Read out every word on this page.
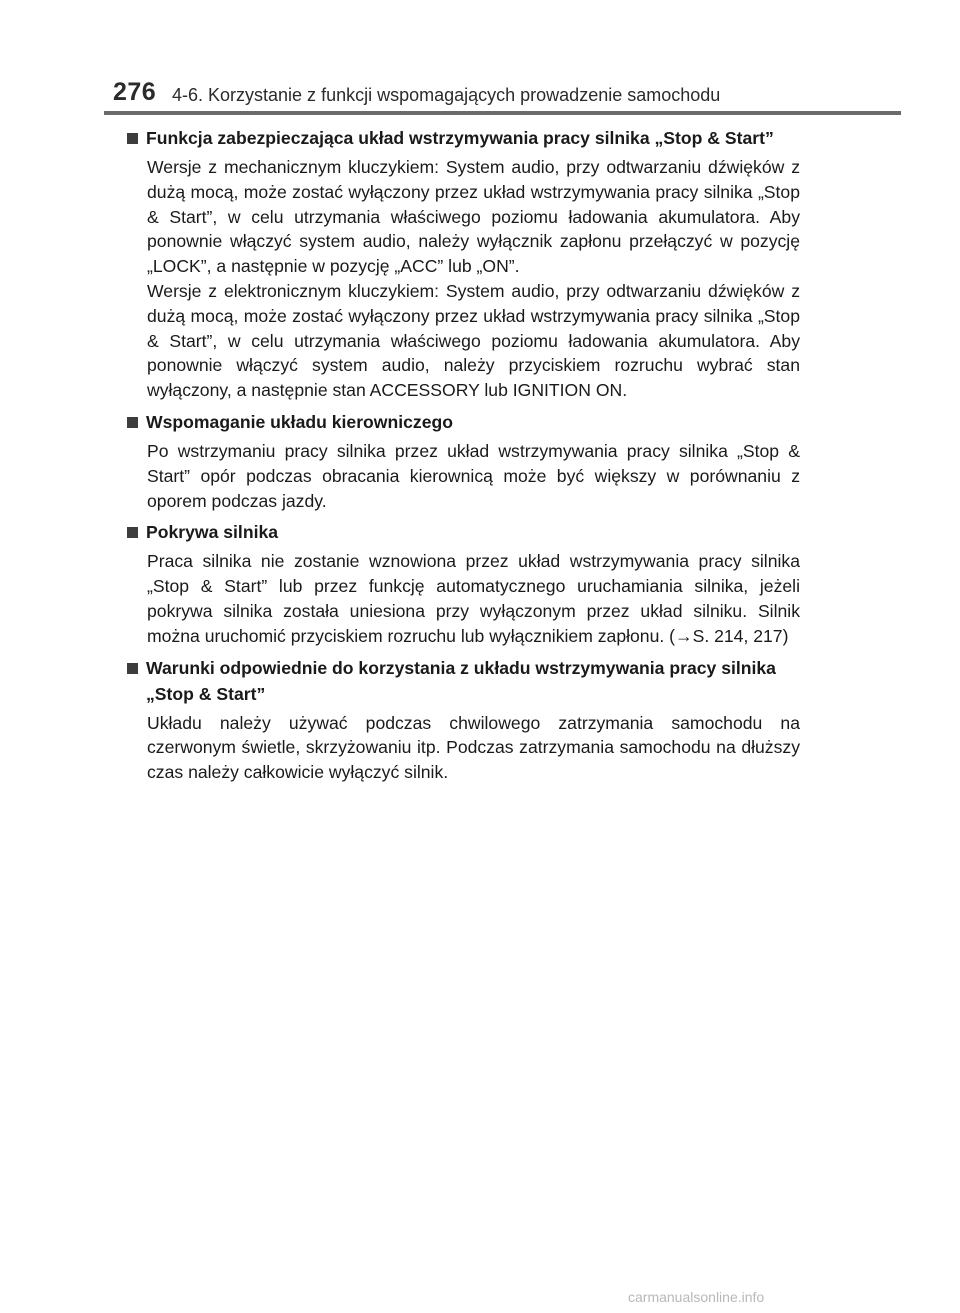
276 4-6. Korzystanie z funkcji wspomagających prowadzenie samochodu
Funkcja zabezpieczająca układ wstrzymywania pracy silnika „Stop & Start”

Wersje z mechanicznym kluczykiem: System audio, przy odtwarzaniu dźwięków z dużą mocą, może zostać wyłączony przez układ wstrzymywania pracy silnika „Stop & Start”, w celu utrzymania właściwego poziomu ładowania akumulatora. Aby ponownie włączyć system audio, należy wyłącznik zapłonu przełączyć w pozycję „LOCK”, a następnie w pozycję „ACC” lub „ON”.

Wersje z elektronicznym kluczykiem: System audio, przy odtwarzaniu dźwięków z dużą mocą, może zostać wyłączony przez układ wstrzymywania pracy silnika „Stop & Start”, w celu utrzymania właściwego poziomu ładowania akumulatora. Aby ponownie włączyć system audio, należy przyciskiem rozruchu wybrać stan wyłączony, a następnie stan ACCESSORY lub IGNITION ON.

Wspomaganie układu kierowniczego

Po wstrzymaniu pracy silnika przez układ wstrzymywania pracy silnika „Stop & Start” opór podczas obracania kierownicą może być większy w porównaniu z oporem podczas jazdy.

Pokrywa silnika

Praca silnika nie zostanie wznowiona przez układ wstrzymywania pracy silnika „Stop & Start” lub przez funkcję automatycznego uruchamiania silnika, jeżeli pokrywa silnika została uniesiona przy wyłączonym przez układ silniku. Silnik można uruchomić przyciskiem rozruchu lub wyłącznikiem zapłonu. (→S. 214, 217)

Warunki odpowiednie do korzystania z układu wstrzymywania pracy silnika „Stop & Start”

Układu należy używać podczas chwilowego zatrzymania samochodu na czerwonym świetle, skrzyżowaniu itp. Podczas zatrzymania samochodu na dłuższy czas należy całkowicie wyłączyć silnik.

carmanualsonline.info
